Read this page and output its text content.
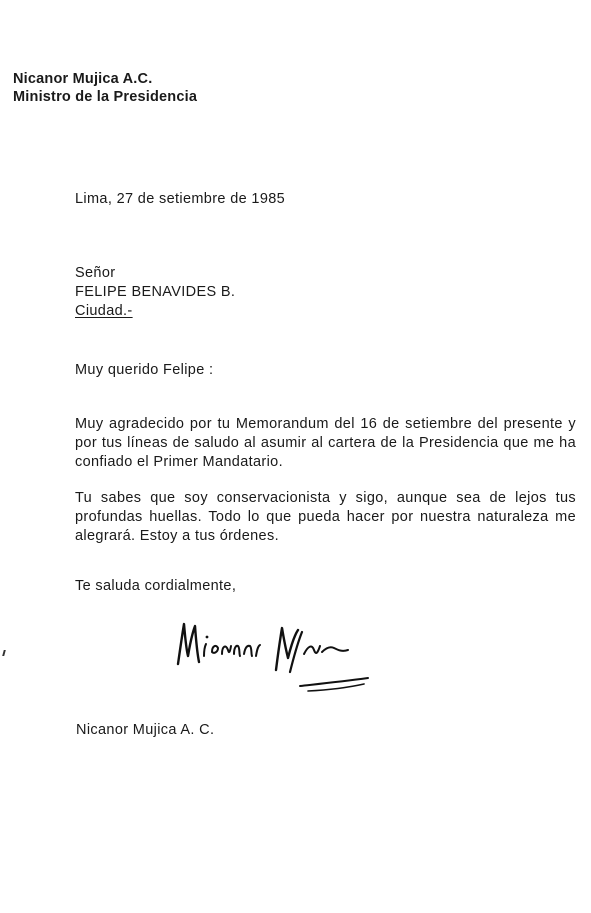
Nicanor Mujica A.C.
Ministro de la Presidencia
Lima, 27 de setiembre de 1985
Señor
FELIPE BENAVIDES B.
Ciudad.-
Muy querido Felipe :
Muy agradecido por tu Memorandum del 16 de setiembre del presente y por tus líneas de saludo al asumir al cartera de la Presidencia que me ha confiado el Primer Mandatario.
Tu sabes que soy conservacionista y sigo, aunque sea de lejos tus profundas huellas. Todo lo que pueda hacer por nuestra naturaleza me alegrará. Estoy a tus órdenes.
Te saluda cordialmente,
Nicanor Mujica A. C.
